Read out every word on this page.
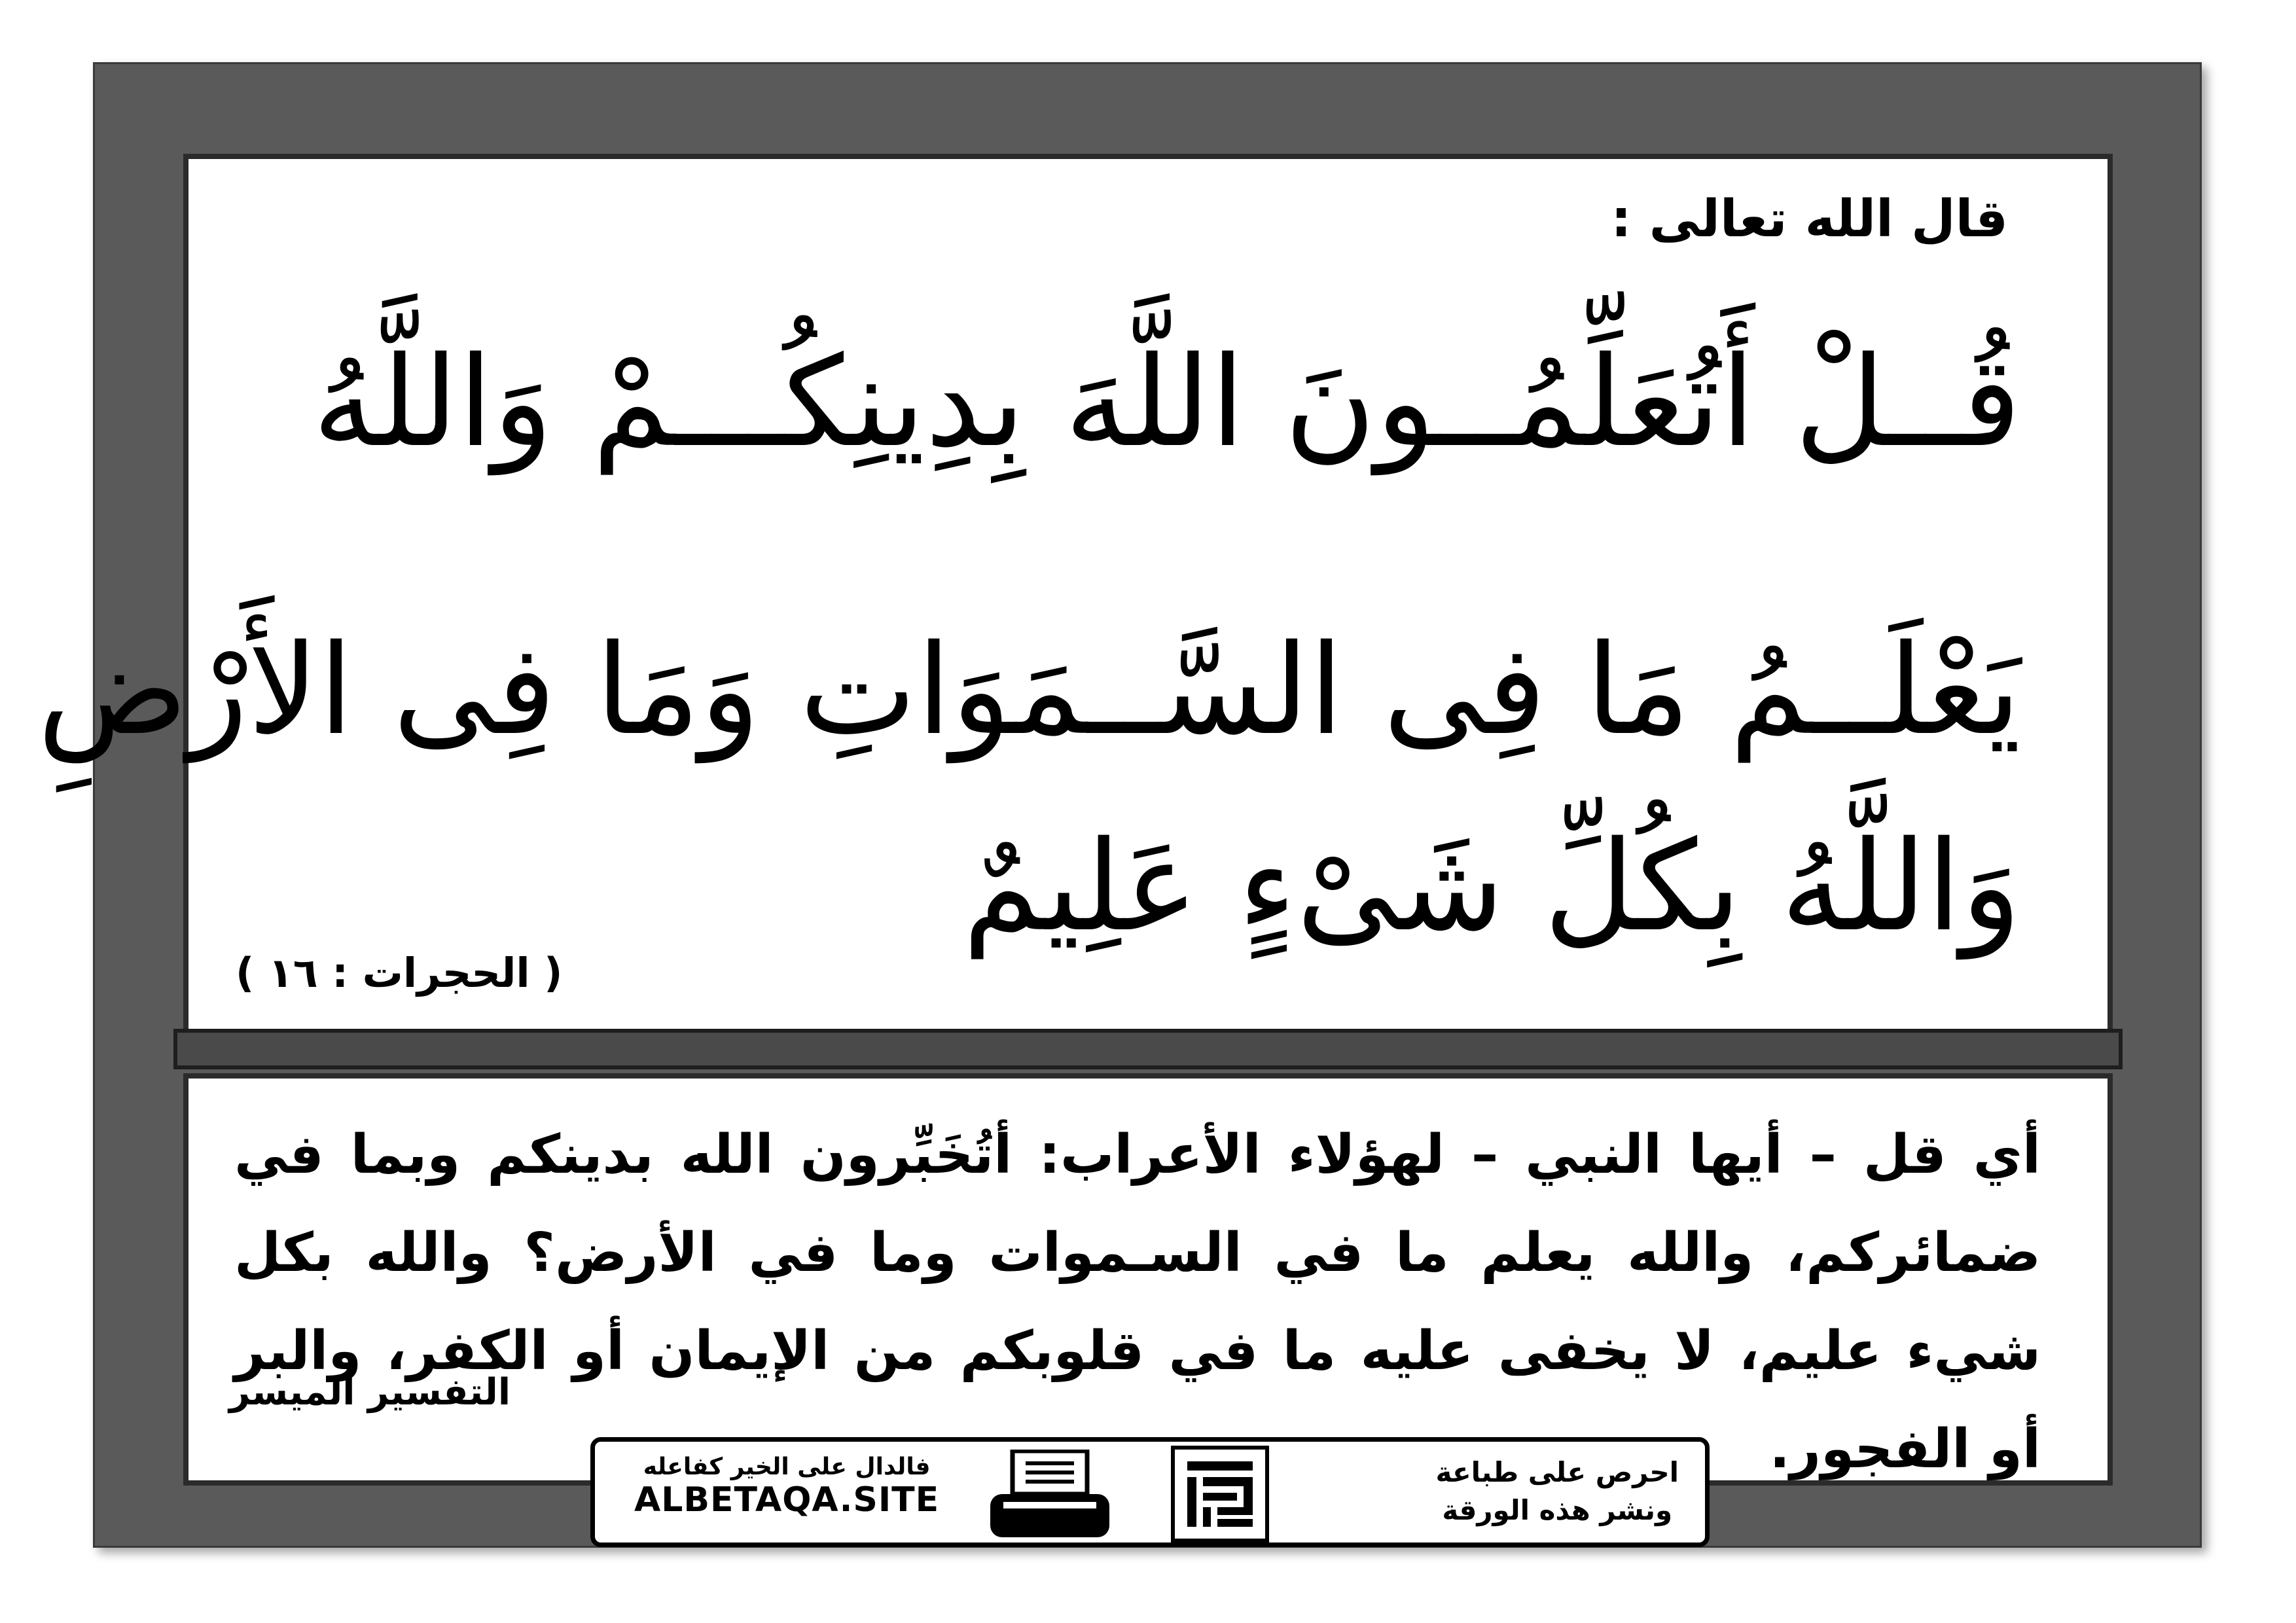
قال الله تعالى :
قُــلْ أَتُعَلِّمُــونَ اللَّهَ بِدِينِكُـــمْ وَاللَّهُ
يَعْلَــمُ مَا فِى السَّــمَوَاتِ وَمَا فِى الأَرْضِ
وَاللَّهُ بِكُلِّ شَىْءٍ عَلِيمٌ
( الحجرات : ١٦ )
أي قل – أيها النبي – لهؤلاء الأعراب: أتُخَبِّرون الله بدينكم وبما في ضمائركم، والله يعلم ما في السـموات وما في الأرض؟ والله بكل شيء عليم، لا يخفى عليه ما في قلوبكم من الإيمان أو الكفر، والبر أو الفجور.
التفسير الميسر
احرص على طباعة
ونشر هذه الورقة
فالدال على الخير كفاعله
ALBETAQA.SITE
